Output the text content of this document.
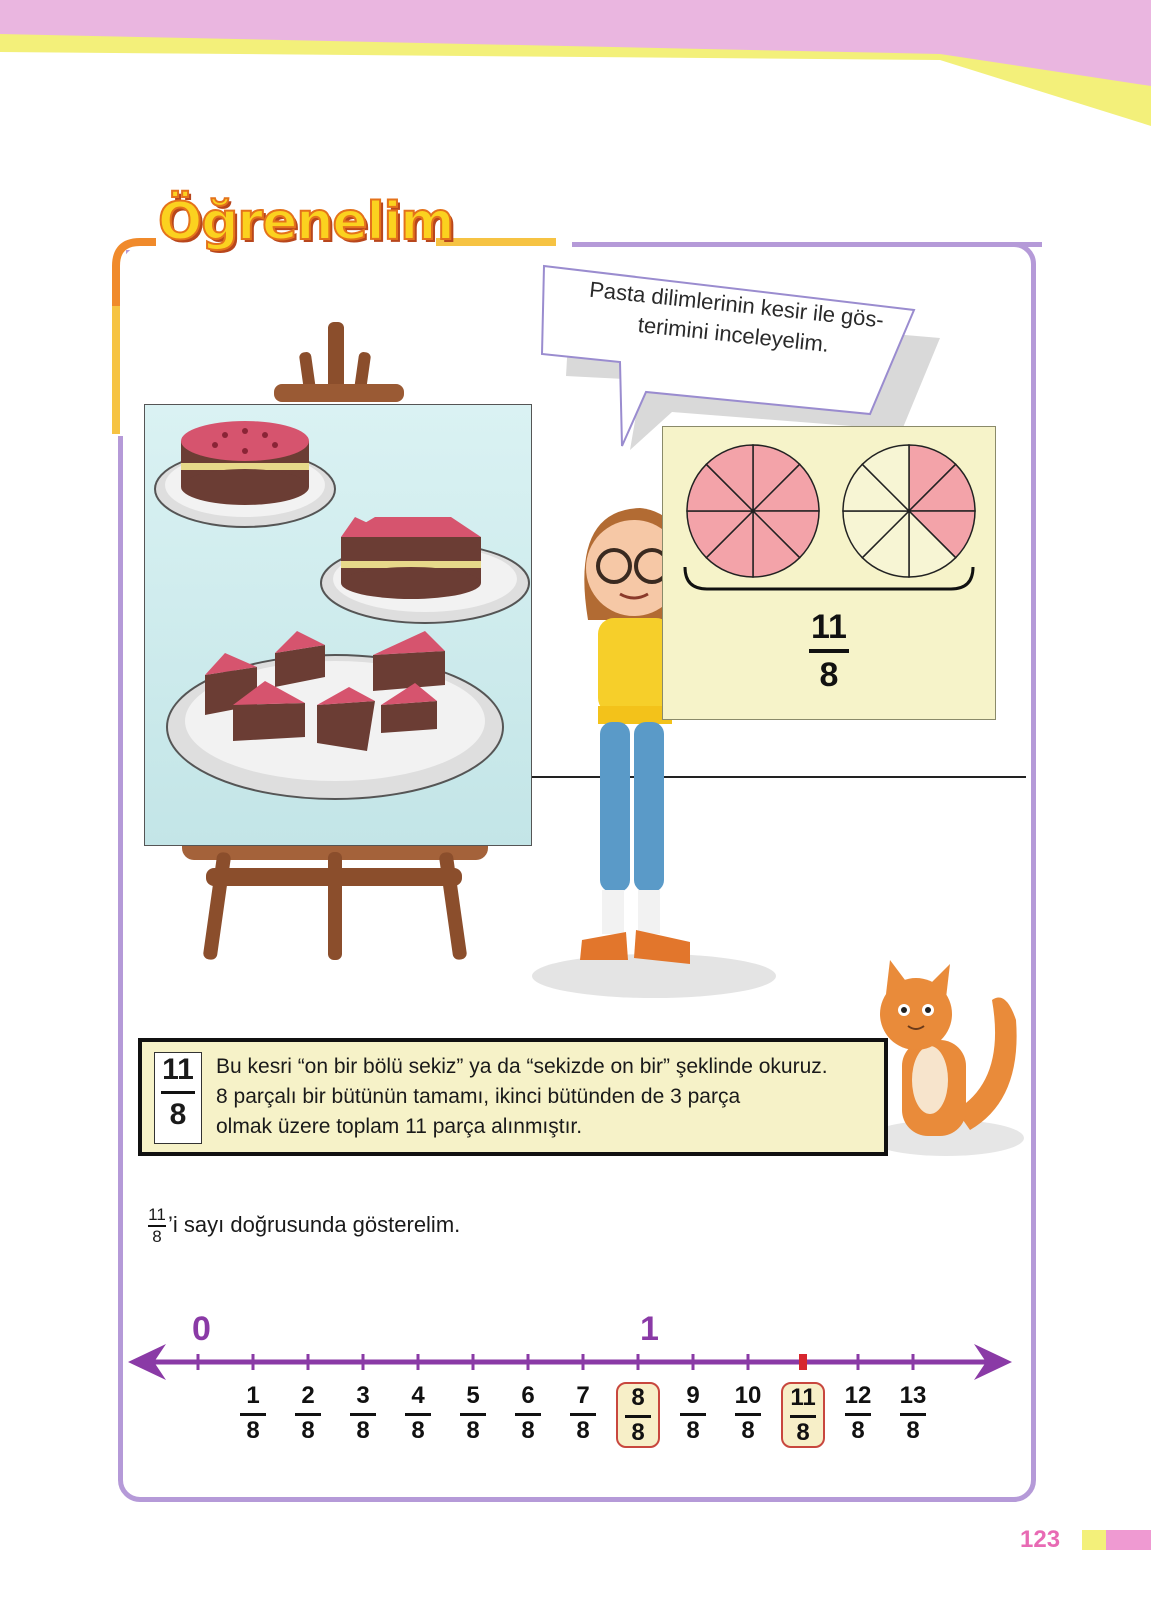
Öğrenelim
Pasta dilimlerinin kesir ile gös-terimini inceleyelim.
11
8
11
8
Bu kesri “on bir bölü sekiz” ya da “sekizde on bir” şeklinde okuruz.
8 parçalı bir bütünün tamamı, ikinci bütünden de 3 parça
olmak üzere toplam 11 parça alınmıştır.
$\frac{11}{8}$ ’i sayı doğrusunda gösterelim.
1
8
2
8
3
8
4
8
5
8
6
8
7
8
8
8
9
8
10
8
11
8
12
8
13
8
0	1
123
